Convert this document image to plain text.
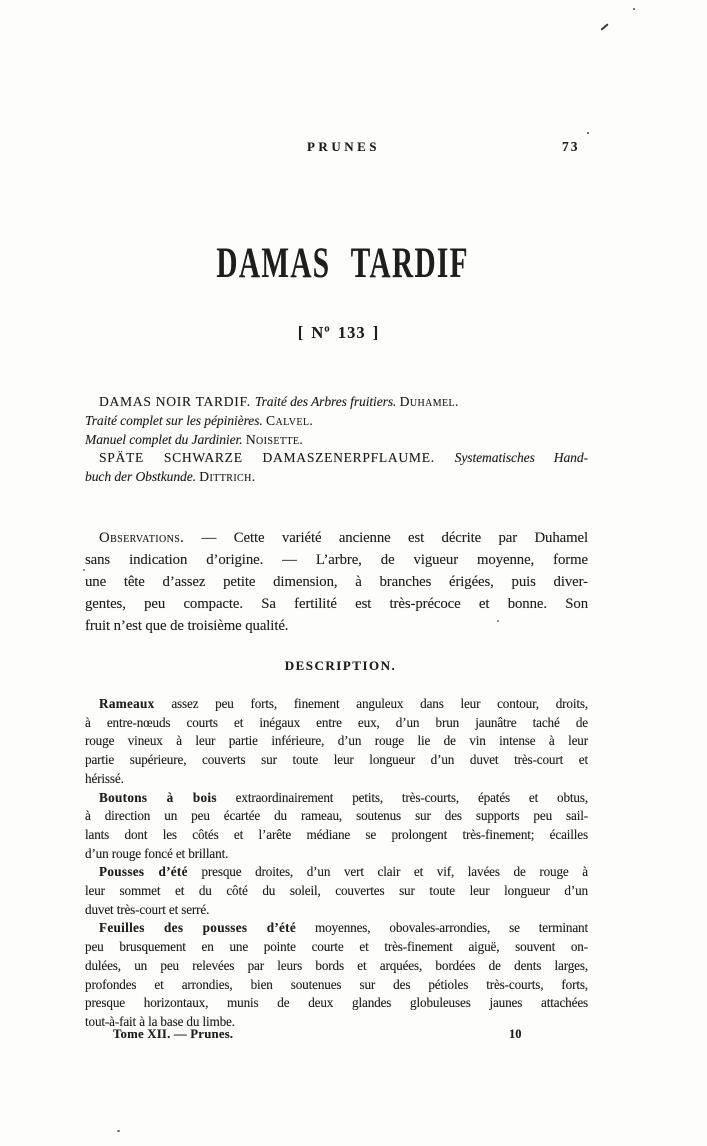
PRUNES	73
DAMAS TARDIF
[ Nº 133 ]
DAMAS NOIR TARDIF. Traité des Arbres fruitiers. Duhamel.
Traité complet sur les pépinières. Calvel.
Manuel complet du Jardinier. Noisette.
SPÄTE SCHWARZE DAMASZENERPFLAUME. Systematisches Hand-
buch der Obstkunde. Dittrich.
Observations. — Cette variété ancienne est décrite par Duhamel
sans indication d’origine. — L’arbre, de vigueur moyenne, forme
une tête d’assez petite dimension, à branches érigées, puis diver-
gentes, peu compacte. Sa fertilité est très-précoce et bonne. Son
fruit n’est que de troisième qualité.
DESCRIPTION.
Rameaux assez peu forts, finement anguleux dans leur contour, droits,
à entre-nœuds courts et inégaux entre eux, d’un brun jaunâtre taché de
rouge vineux à leur partie inférieure, d’un rouge lie de vin intense à leur
partie supérieure, couverts sur toute leur longueur d’un duvet très-court et
hérissé.
Boutons à bois extraordinairement petits, très-courts, épatés et obtus,
à direction un peu écartée du rameau, soutenus sur des supports peu sail-
lants dont les côtés et l’arête médiane se prolongent très-finement; écailles
d’un rouge foncé et brillant.
Pousses d’été presque droites, d’un vert clair et vif, lavées de rouge à
leur sommet et du côté du soleil, couvertes sur toute leur longueur d’un
duvet très-court et serré.
Feuilles des pousses d’été moyennes, obovales-arrondies, se terminant
peu brusquement en une pointe courte et très-finement aiguë, souvent on-
dulées, un peu relevées par leurs bords et arquées, bordées de dents larges,
profondes et arrondies, bien soutenues sur des pétioles très-courts, forts,
presque horizontaux, munis de deux glandes globuleuses jaunes attachées
tout-à-fait à la base du limbe.
Tome XII. — Prunes.	10
